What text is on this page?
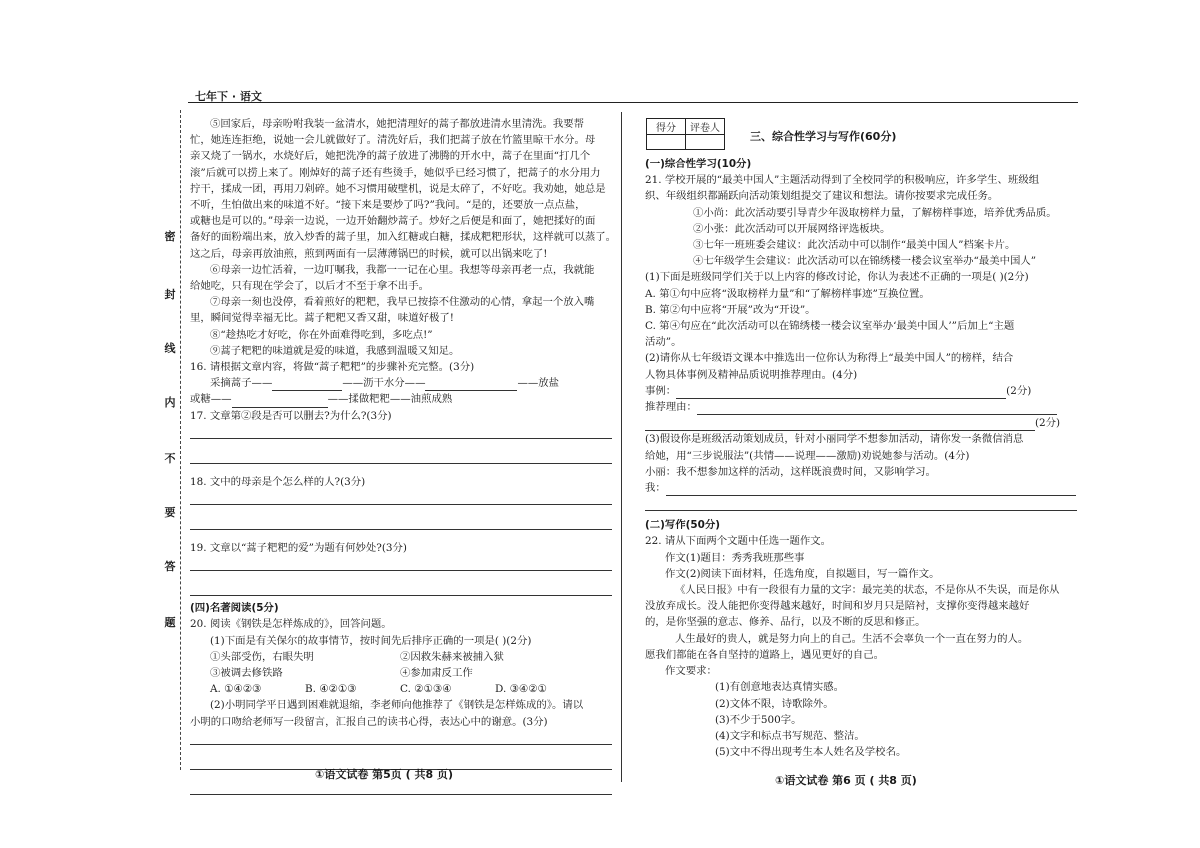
七年下 · 语文
密
封
线
内
不
要
答
题

⑤回家后，母亲吩咐我装一盆清水，她把清理好的蒿子都放进清水里清洗。我要帮

忙，她连连拒绝，说她一会儿就做好了。清洗好后，我们把蒿子放在竹篮里晾干水分。母

亲又烧了一锅水，水烧好后，她把洗净的蒿子放进了沸腾的开水中，蒿子在里面“打几个

滚”后就可以捞上来了。刚焯好的蒿子还有些烫手，她似乎已经习惯了，把蒿子的水分用力

拧干，揉成一团，再用刀剁碎。她不习惯用破壁机，说是太碎了，不好吃。我劝她，她总是

不听，生怕做出来的味道不好。“接下来是要炒了吗?”我问。“是的，还要放一点点盐，

或糖也是可以的。”母亲一边说，一边开始翻炒蒿子。炒好之后便是和面了，她把揉好的面

备好的面粉端出来，放入炒香的蒿子里，加入红糖或白糖，揉成粑粑形状，这样就可以蒸了。

这之后，母亲再放油煎，煎到两面有一层薄薄锅巴的时候，就可以出锅来吃了!

⑥母亲一边忙活着，一边叮嘱我，我都一一记在心里。我想等母亲再老一点，我就能

给她吃，只有现在学会了，以后才不至于拿不出手。

⑦母亲一刻也没停，看着煎好的粑粑，我早已按捺不住激动的心情，拿起一个放入嘴

里，瞬间觉得幸福无比。蒿子粑粑又香又甜，味道好极了!

⑧“趁热吃才好吃，你在外面难得吃到，多吃点!”

⑨蒿子粑粑的味道就是爱的味道，我感到温暖又知足。

16. 请根据文章内容，将做“蒿子粑粑”的步骤补充完整。(3分)

采摘蒿子——	——沥干水分——	——放盐

或糖——	——揉做粑粑——油煎成熟

17. 文章第②段是否可以删去?为什么?(3分)

18. 文中的母亲是个怎么样的人?(3分)

19. 文章以“蒿子粑粑的爱”为题有何妙处?(3分)

(四)名著阅读(5分)

20. 阅读《钢铁是怎样炼成的》，回答问题。

(1)下面是有关保尔的故事情节，按时间先后排序正确的一项是( )(2分)

①头部受伤，右眼失明	②因救朱赫来被捕入狱

③被调去修铁路	④参加肃反工作

A. ①④②③	B. ④②①③	C. ②①③④	D. ③④②①

(2)小明同学平日遇到困难就退缩，李老师向他推荐了《钢铁是怎样炼成的》。请以

小明的口吻给老师写一段留言，汇报自己的读书心得，表达心中的谢意。(3分)

①语文试卷 第5页 ( 共8 页)
得分	评卷人

三、综合性学习与写作(60分)

(一)综合性学习(10分)

21. 学校开展的“最美中国人”主题活动得到了全校同学的积极响应，许多学生、班级组

织、年级组织都踊跃向活动策划组提交了建议和想法。请你按要求完成任务。

①小尚：此次活动要引导青少年汲取榜样力量，了解榜样事迹，培养优秀品质。

②小张：此次活动可以开展网络评选板块。

③七年一班班委会建议：此次活动中可以制作“最美中国人”档案卡片。

④七年级学生会建议：此次活动可以在锦绣楼一楼会议室举办“最美中国人”

(1)下面是班级同学们关于以上内容的修改讨论，你认为表述不正确的一项是( )(2分)

A. 第①句中应将“汲取榜样力量”和“了解榜样事迹”互换位置。

B. 第②句中应将“开展”改为“开设”。

C. 第④句应在“此次活动可以在锦绣楼一楼会议室举办‘最美中国人’”后加上“主题

活动”。

(2)请你从七年级语文课本中推选出一位你认为称得上“最美中国人”的榜样，结合

人物具体事例及精神品质说明推荐理由。(4分)

事例：	(2分)

推荐理由：

(2分)

(3)假设你是班级活动策划成员，针对小丽同学不想参加活动，请你发一条微信消息

给她，用“三步说服法”(共情——说理——激励)劝说她参与活动。(4分)

小丽：我不想参加这样的活动，这样既浪费时间，又影响学习。

我：

(二)写作(50分)

22. 请从下面两个文题中任选一题作文。

作文(1)题目：秀秀我班那些事

作文(2)阅读下面材料，任选角度，自拟题目，写一篇作文。

《人民日报》中有一段很有力量的文字：最完美的状态，不是你从不失误，而是你从

没放弃成长。没人能把你变得越来越好，时间和岁月只是陪衬，支撑你变得越来越好

的，是你坚强的意志、修养、品行，以及不断的反思和修正。

人生最好的贵人，就是努力向上的自己。生活不会辜负一个一直在努力的人。

愿我们都能在各自坚持的道路上，遇见更好的自己。

作文要求：

(1)有创意地表达真情实感。

(2)文体不限，诗歌除外。

(3)不少于500字。

(4)文字和标点书写规范、整洁。

(5)文中不得出现考生本人姓名及学校名。

①语文试卷 第6 页 ( 共8 页)
